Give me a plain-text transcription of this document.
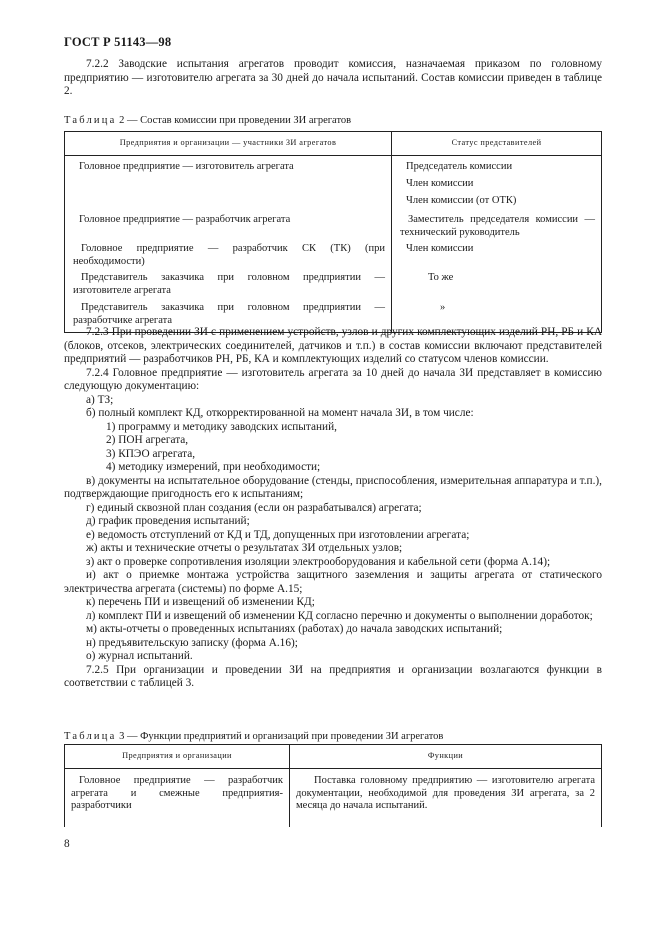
ГОСТ Р 51143—98

7.2.2 Заводские испытания агрегатов проводит комиссия, назначаемая приказом по головному предприятию — изготовителю агрегата за 30 дней до начала испытаний. Состав комиссии приведен в таблице 2.

Таблица 2 — Состав комиссии при проведении ЗИ агрегатов
Предприятия и организации — участники ЗИ агрегатов	Статус представителей

Головное предприятие — изготовитель агрегата	Председатель комиссии
Член комиссии
Член комиссии (от ОТК)

Головное предприятие — разработчик агрегата	Заместитель председателя комиссии — технический руководитель

Головное предприятие — разработчик СК (ТК) (при необходимости)	Член комиссии

Представитель заказчика при головном предприятии — изготовителе агрегата	То же

Представитель заказчика при головном предприятии — разработчике агрегата	»

7.2.3 При проведении ЗИ с применением устройств, узлов и других комплектующих изделий РН, РБ и КА (блоков, отсеков, электрических соединителей, датчиков и т.п.) в состав комиссии включают представителей предприятий — разработчиков РН, РБ, КА и комплектующих изделий со статусом членов комиссии.

7.2.4 Головное предприятие — изготовитель агрегата за 10 дней до начала ЗИ представляет в комиссию следующую документацию:

а) ТЗ;

б) полный комплект КД, откорректированной на момент начала ЗИ, в том числе:

1) программу и методику заводских испытаний,

2) ПОН агрегата,

3) КПЭО агрегата,

4) методику измерений, при необходимости;

в) документы на испытательное оборудование (стенды, приспособления, измерительная аппаратура и т.п.), подтверждающие пригодность его к испытаниям;

г) единый сквозной план создания (если он разрабатывался) агрегата;

д) график проведения испытаний;

е) ведомость отступлений от КД и ТД, допущенных при изготовлении агрегата;

ж) акты и технические отчеты о результатах ЗИ отдельных узлов;

з) акт о проверке сопротивления изоляции электрооборудования и кабельной сети (форма А.14);

и) акт о приемке монтажа устройства защитного заземления и защиты агрегата от статического электричества агрегата (системы) по форме А.15;

к) перечень ПИ и извещений об изменении КД;

л) комплект ПИ и извещений об изменении КД согласно перечню и документы о выполнении доработок;

м) акты-отчеты о проведенных испытаниях (работах) до начала заводских испытаний;

н) предъявительскую записку (форма А.16);

о) журнал испытаний.

7.2.5 При организации и проведении ЗИ на предприятия и организации возлагаются функции в соответствии с таблицей 3.

Таблица 3 — Функции предприятий и организаций при проведении ЗИ агрегатов
Предприятия и организации	Функции

Головное предприятие — разработчик агрегата и смежные предприятия-разработчики	Поставка головному предприятию — изготовителю агрегата документации, необходимой для проведения ЗИ агрегата, за 2 месяца до начала испытаний.
8
